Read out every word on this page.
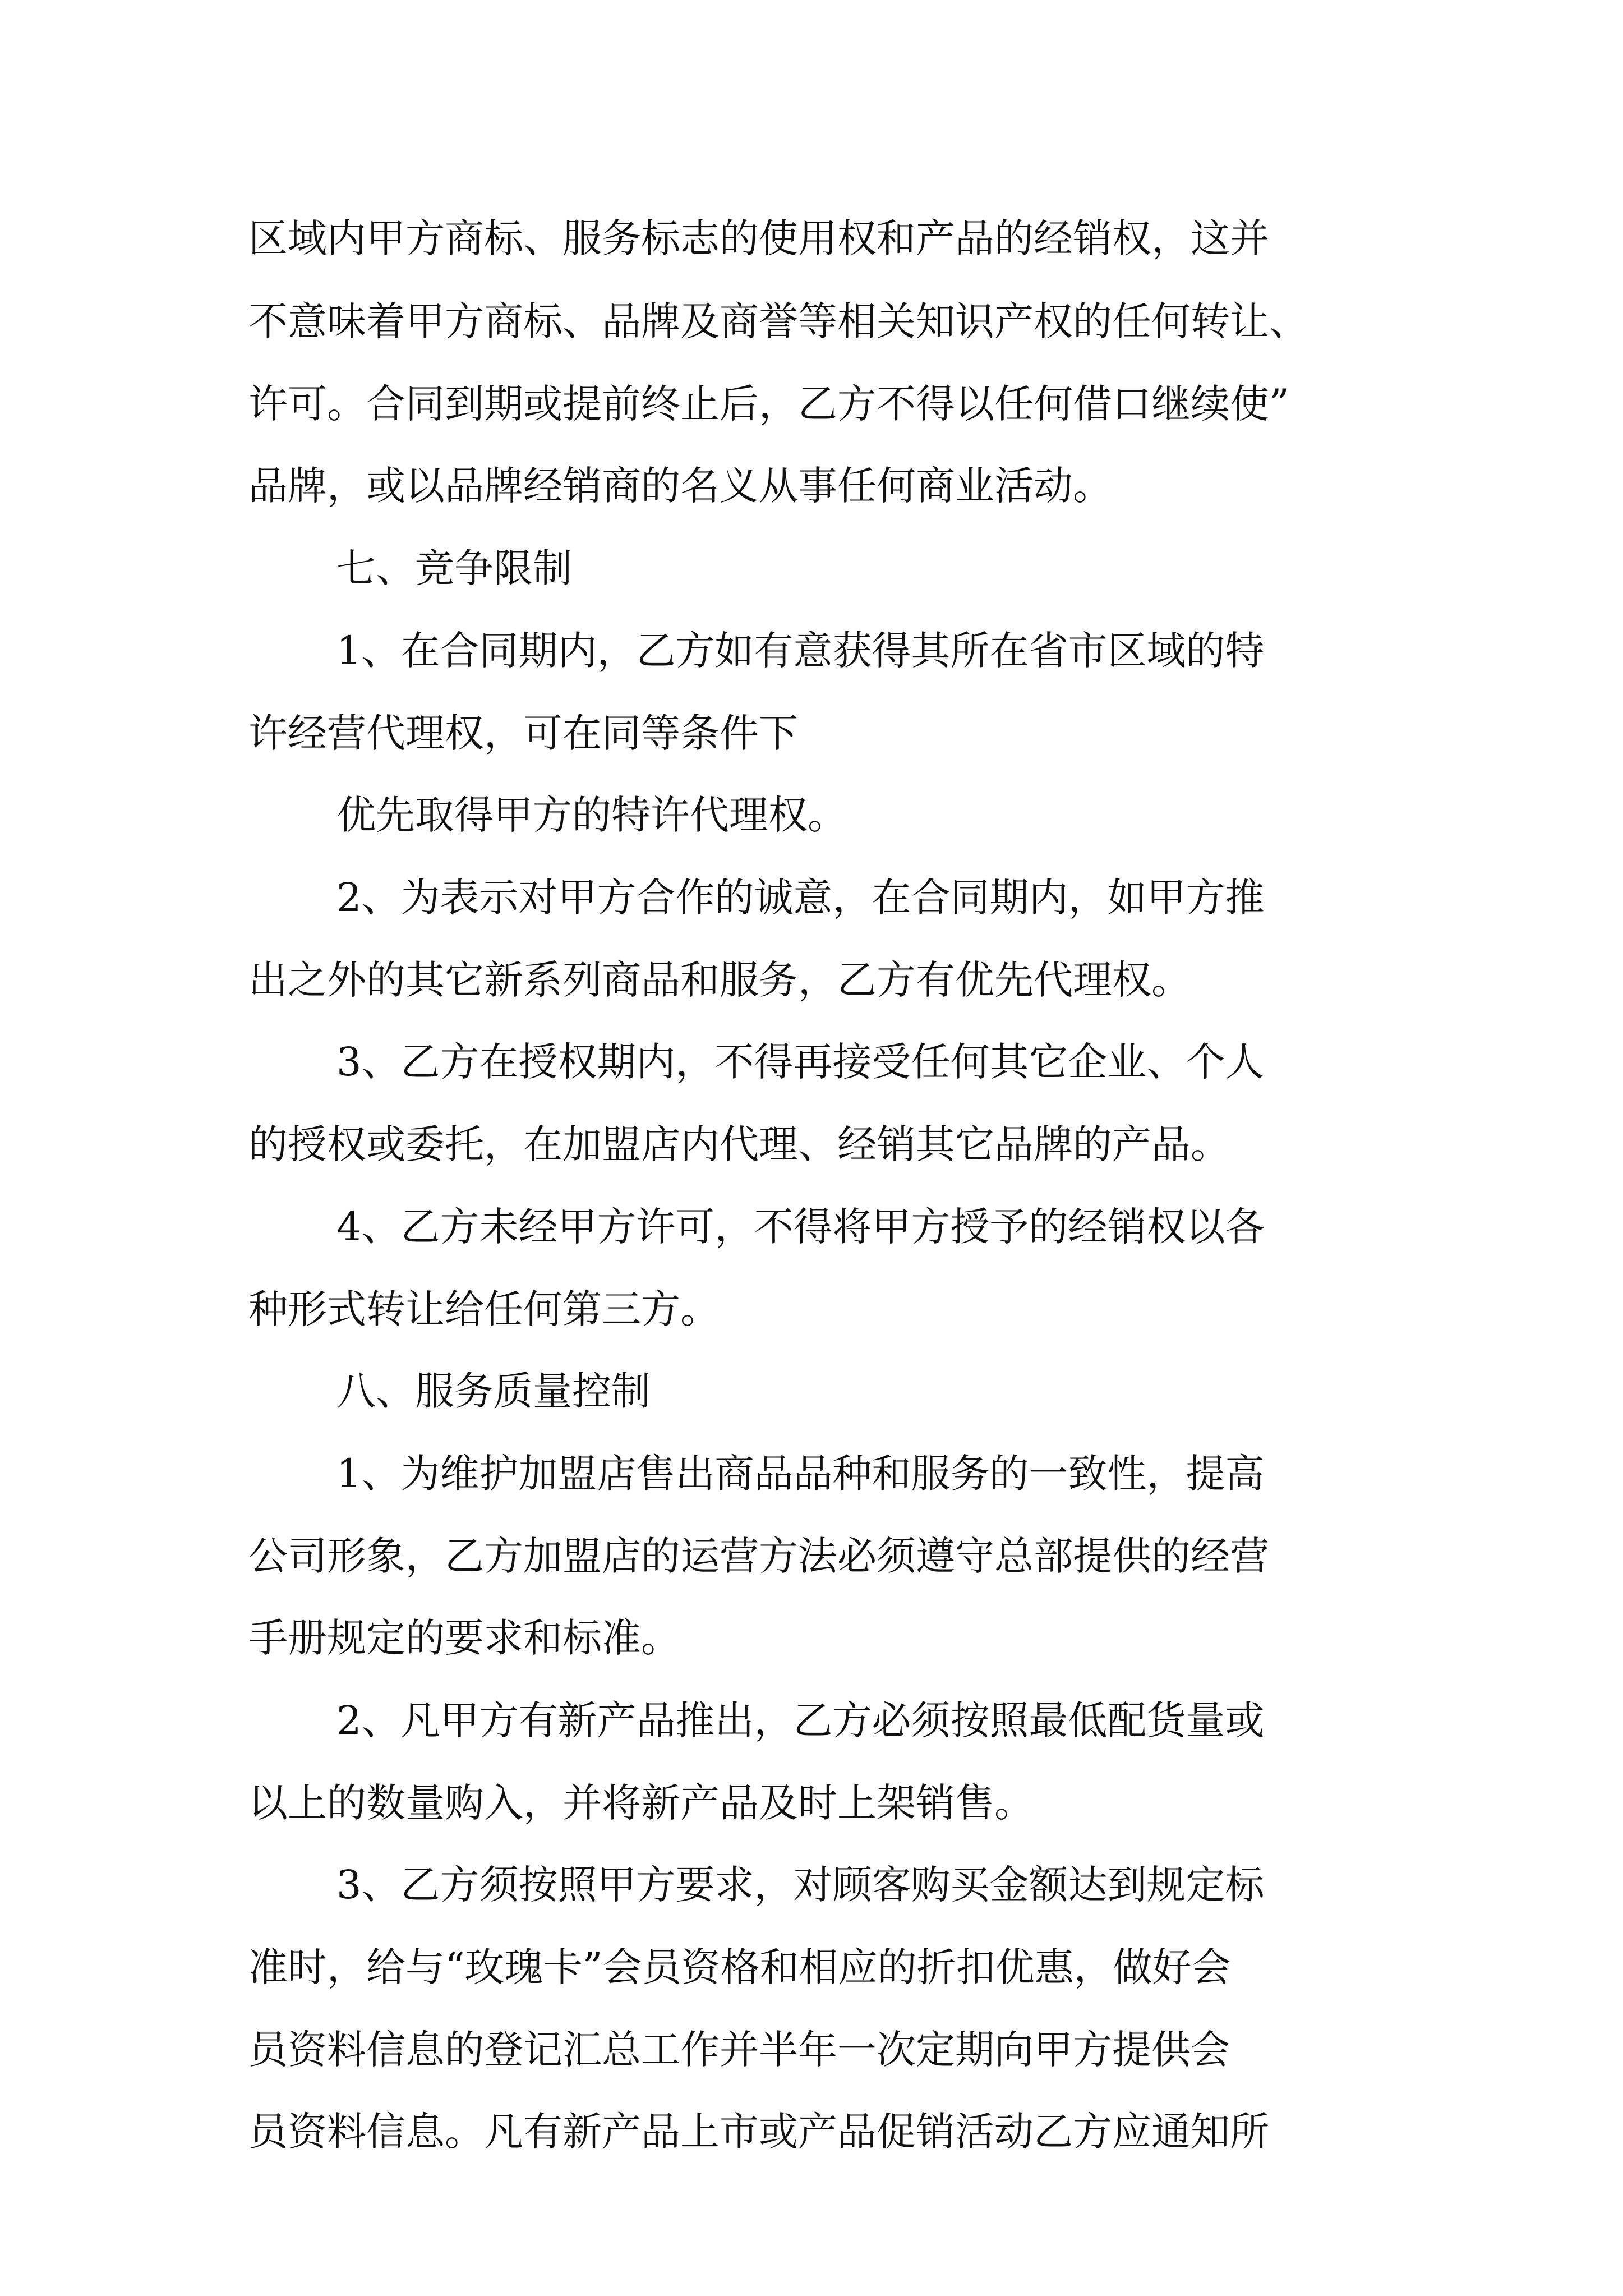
区域内甲方商标、服务标志的使用权和产品的经销权，这并
不意味着甲方商标、品牌及商誉等相关知识产权的任何转让、
许可。合同到期或提前终止后，乙方不得以任何借口继续使”
品牌，或以品牌经销商的名义从事任何商业活动。
七、竞争限制
1、在合同期内，乙方如有意获得其所在省市区域的特
许经营代理权，可在同等条件下
优先取得甲方的特许代理权。
2、为表示对甲方合作的诚意，在合同期内，如甲方推
出之外的其它新系列商品和服务，乙方有优先代理权。
3、乙方在授权期内，不得再接受任何其它企业、个人
的授权或委托，在加盟店内代理、经销其它品牌的产品。
4、乙方未经甲方许可，不得将甲方授予的经销权以各
种形式转让给任何第三方。
八、服务质量控制
1、为维护加盟店售出商品品种和服务的一致性，提高
公司形象，乙方加盟店的运营方法必须遵守总部提供的经营
手册规定的要求和标准。
2、凡甲方有新产品推出，乙方必须按照最低配货量或
以上的数量购入，并将新产品及时上架销售。
3、乙方须按照甲方要求，对顾客购买金额达到规定标
准时，给与“玫瑰卡”会员资格和相应的折扣优惠，做好会
员资料信息的登记汇总工作并半年一次定期向甲方提供会
员资料信息。凡有新产品上市或产品促销活动乙方应通知所
